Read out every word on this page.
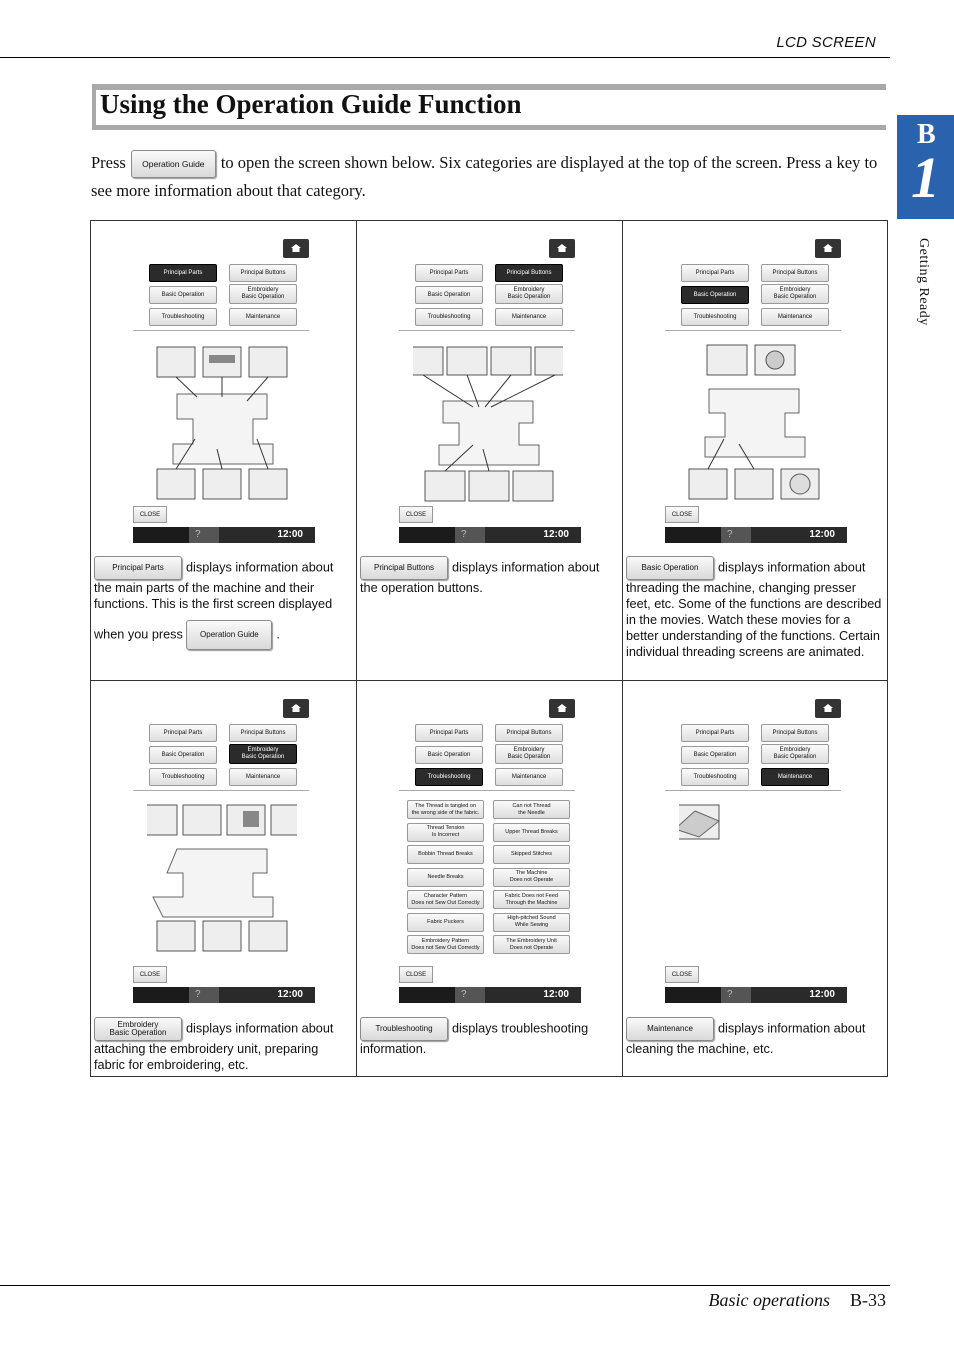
LCD SCREEN
Using the Operation Guide Function
B
1
Getting Ready
Press Operation Guide to open the screen shown below. Six categories are displayed at the top of the screen. Press a key to see more information about that category.
Principal Parts	Principal Buttons
Basic Operation
Embroidery
Basic Operation
Troubleshooting	Maintenance
CLOSE
?	12:00
Principal Parts displays information about the main parts of the machine and their functions. This is the first screen displayed
when you press Operation Guide .
Principal Parts	Principal Buttons
Basic Operation
Embroidery
Basic Operation
Troubleshooting	Maintenance
CLOSE
?	12:00
Principal Buttons displays information about the operation buttons.
Principal Parts	Principal Buttons
Basic Operation
Embroidery
Basic Operation
Troubleshooting	Maintenance
CLOSE
?	12:00
Basic Operation displays information about threading the machine, changing presser feet, etc. Some of the functions are described in the movies. Watch these movies for a better understanding of the functions. Certain individual threading screens are animated.
Principal Parts	Principal Buttons
Basic Operation
Embroidery
Basic Operation
Troubleshooting	Maintenance
CLOSE
?	12:00
Embroidery
Basic Operation displays information about attaching the embroidery unit, preparing fabric for embroidering, etc.
Principal Parts	Principal Buttons
Basic Operation
Embroidery
Basic Operation
Troubleshooting	Maintenance
The Thread is tangled on
the wrong side of the fabric.
Can not Thread
the Needle
Thread Tension
Is Incorrect
Upper Thread Breaks
Bobbin Thread Breaks	Skipped Stitches
Needle Breaks
The Machine
Does not Operate
Character Pattern
Does not Sew Out Correctly
Fabric Does not Feed
Through the Machine
Fabric Puckers
High-pitched Sound
While Sewing
Embroidery Pattern
Does not Sew Out Correctly
The Embroidery Unit
Does not Operate
CLOSE
?	12:00
Troubleshooting displays troubleshooting information.
Principal Parts	Principal Buttons
Basic Operation
Embroidery
Basic Operation
Troubleshooting	Maintenance
CLOSE
?	12:00
Maintenance displays information about cleaning the machine, etc.
Basic operations B-33
